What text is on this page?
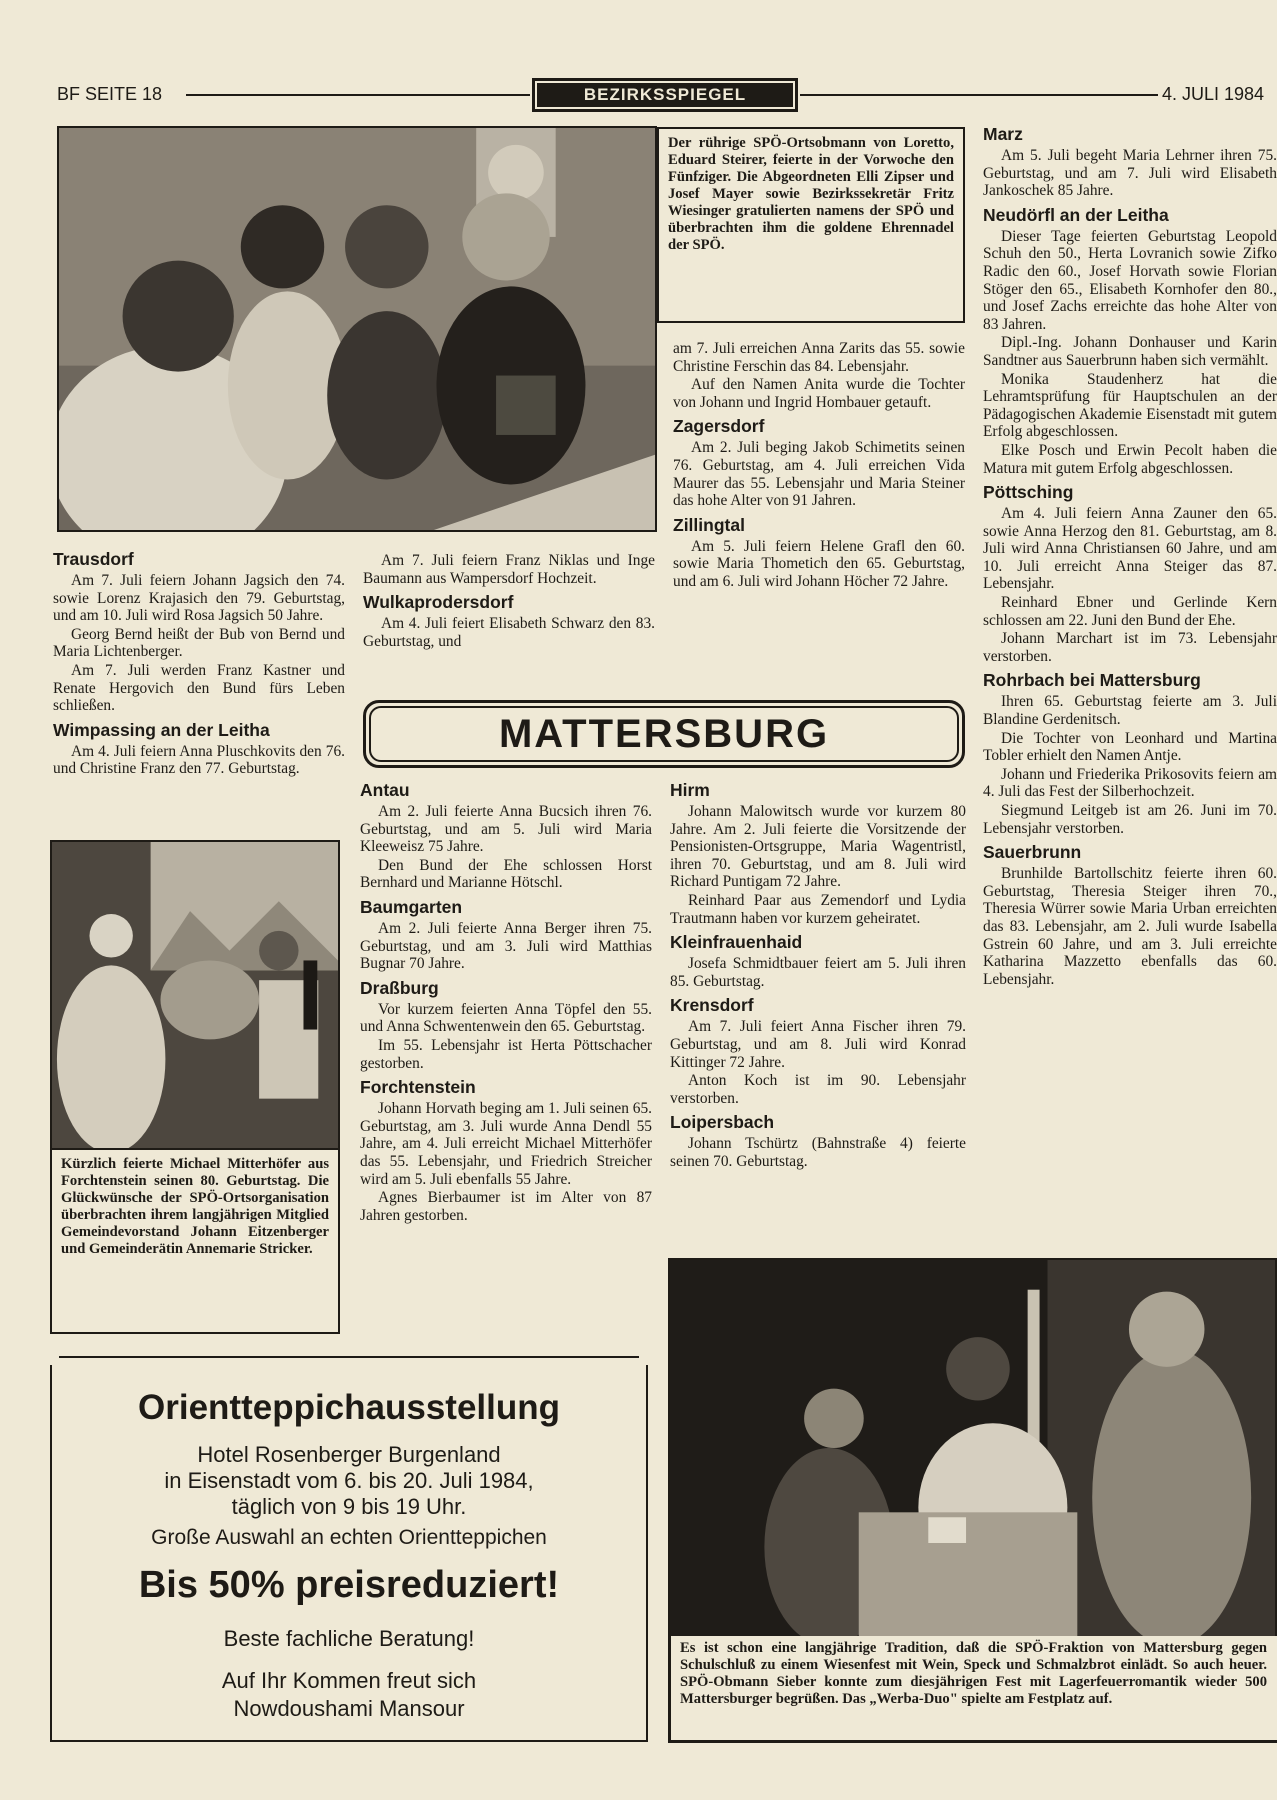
BF SEITE 18	BEZIRKSSPIEGEL	4. JULI 1984
Der rührige SPÖ-Ortsobmann von Loretto, Eduard Steirer, feierte in der Vorwoche den Fünfziger. Die Abgeordneten Elli Zipser und Josef Mayer sowie Bezirkssekretär Fritz Wiesinger gratulierten namens der SPÖ und überbrachten ihm die goldene Ehrennadel der SPÖ.
Trausdorf

Am 7. Juli feiern Johann Jagsich den 74. sowie Lorenz Krajasich den 79. Geburtstag, und am 10. Juli wird Rosa Jagsich 50 Jahre.

Georg Bernd heißt der Bub von Bernd und Maria Lichtenberger.

Am 7. Juli werden Franz Kastner und Renate Hergovich den Bund fürs Leben schließen.

Wimpassing an der Leitha

Am 4. Juli feiern Anna Pluschkovits den 76. und Christine Franz den 77. Geburtstag.

Am 7. Juli feiern Franz Niklas und Inge Baumann aus Wampersdorf Hochzeit.

Wulkaprodersdorf

Am 4. Juli feiert Elisabeth Schwarz den 83. Geburtstag, und

am 7. Juli erreichen Anna Zarits das 55. sowie Christine Ferschin das 84. Lebensjahr.

Auf den Namen Anita wurde die Tochter von Johann und Ingrid Hombauer getauft.

Zagersdorf

Am 2. Juli beging Jakob Schimetits seinen 76. Geburtstag, am 4. Juli erreichen Vida Maurer das 55. Lebensjahr und Maria Steiner das hohe Alter von 91 Jahren.

Zillingtal

Am 5. Juli feiern Helene Grafl den 60. sowie Maria Thometich den 65. Geburtstag, und am 6. Juli wird Johann Höcher 72 Jahre.

Marz

Am 5. Juli begeht Maria Lehrner ihren 75. Geburtstag, und am 7. Juli wird Elisabeth Jankoschek 85 Jahre.

Neudörfl an der Leitha

Dieser Tage feierten Geburtstag Leopold Schuh den 50., Herta Lovranich sowie Zifko Radic den 60., Josef Horvath sowie Florian Stöger den 65., Elisabeth Kornhofer den 80., und Josef Zachs erreichte das hohe Alter von 83 Jahren.

Dipl.-Ing. Johann Donhauser und Karin Sandtner aus Sauerbrunn haben sich vermählt.

Monika Staudenherz hat die Lehramtsprüfung für Hauptschulen an der Pädagogischen Akademie Eisenstadt mit gutem Erfolg abgeschlossen.

Elke Posch und Erwin Pecolt haben die Matura mit gutem Erfolg abgeschlossen.

Pöttsching

Am 4. Juli feiern Anna Zauner den 65. sowie Anna Herzog den 81. Geburtstag, am 8. Juli wird Anna Christiansen 60 Jahre, und am 10. Juli erreicht Anna Steiger das 87. Lebensjahr.

Reinhard Ebner und Gerlinde Kern schlossen am 22. Juni den Bund der Ehe.

Johann Marchart ist im 73. Lebensjahr verstorben.

Rohrbach bei Mattersburg

Ihren 65. Geburtstag feierte am 3. Juli Blandine Gerdenitsch.

Die Tochter von Leonhard und Martina Tobler erhielt den Namen Antje.

Johann und Friederika Prikosovits feiern am 4. Juli das Fest der Silberhochzeit.

Siegmund Leitgeb ist am 26. Juni im 70. Lebensjahr verstorben.

Sauerbrunn

Brunhilde Bartollschitz feierte ihren 60. Geburtstag, Theresia Steiger ihren 70., Theresia Würrer sowie Maria Urban erreichten das 83. Lebensjahr, am 2. Juli wurde Isabella Gstrein 60 Jahre, und am 3. Juli erreichte Katharina Mazzetto ebenfalls das 60. Lebensjahr.

MATTERSBURG
Kürzlich feierte Michael Mitterhöfer aus Forchtenstein seinen 80. Geburtstag. Die Glückwünsche der SPÖ-Ortsorganisation überbrachten ihrem langjährigen Mitglied Gemeindevorstand Johann Eitzenberger und Gemeinderätin Annemarie Stricker.
Antau

Am 2. Juli feierte Anna Bucsich ihren 76. Geburtstag, und am 5. Juli wird Maria Kleeweisz 75 Jahre.

Den Bund der Ehe schlossen Horst Bernhard und Marianne Hötschl.

Baumgarten

Am 2. Juli feierte Anna Berger ihren 75. Geburtstag, und am 3. Juli wird Matthias Bugnar 70 Jahre.

Draßburg

Vor kurzem feierten Anna Töpfel den 55. und Anna Schwentenwein den 65. Geburtstag.

Im 55. Lebensjahr ist Herta Pöttschacher gestorben.

Forchtenstein

Johann Horvath beging am 1. Juli seinen 65. Geburtstag, am 3. Juli wurde Anna Dendl 55 Jahre, am 4. Juli erreicht Michael Mitterhöfer das 55. Lebensjahr, und Friedrich Streicher wird am 5. Juli ebenfalls 55 Jahre.

Agnes Bierbaumer ist im Alter von 87 Jahren gestorben.

Hirm

Johann Malowitsch wurde vor kurzem 80 Jahre. Am 2. Juli feierte die Vorsitzende der Pensionisten-Ortsgruppe, Maria Wagentristl, ihren 70. Geburtstag, und am 8. Juli wird Richard Puntigam 72 Jahre.

Reinhard Paar aus Zemendorf und Lydia Trautmann haben vor kurzem geheiratet.

Kleinfrauenhaid

Josefa Schmidtbauer feiert am 5. Juli ihren 85. Geburtstag.

Krensdorf

Am 7. Juli feiert Anna Fischer ihren 79. Geburtstag, und am 8. Juli wird Konrad Kittinger 72 Jahre.

Anton Koch ist im 90. Lebensjahr verstorben.

Loipersbach

Johann Tschürtz (Bahnstraße 4) feierte seinen 70. Geburtstag.

Es ist schon eine langjährige Tradition, daß die SPÖ-Fraktion von Mattersburg gegen Schulschluß zu einem Wiesenfest mit Wein, Speck und Schmalzbrot einlädt. So auch heuer. SPÖ-Obmann Sieber konnte zum diesjährigen Fest mit Lagerfeuerromantik wieder 500 Mattersburger begrüßen. Das „Werba-Duo" spielte am Festplatz auf.
Orientteppichausstellung
Hotel Rosenberger Burgenland
in Eisenstadt vom 6. bis 20. Juli 1984,
täglich von 9 bis 19 Uhr.
Große Auswahl an echten Orientteppichen
Bis 50% preisreduziert!
Beste fachliche Beratung!
Auf Ihr Kommen freut sich
Nowdoushami Mansour
